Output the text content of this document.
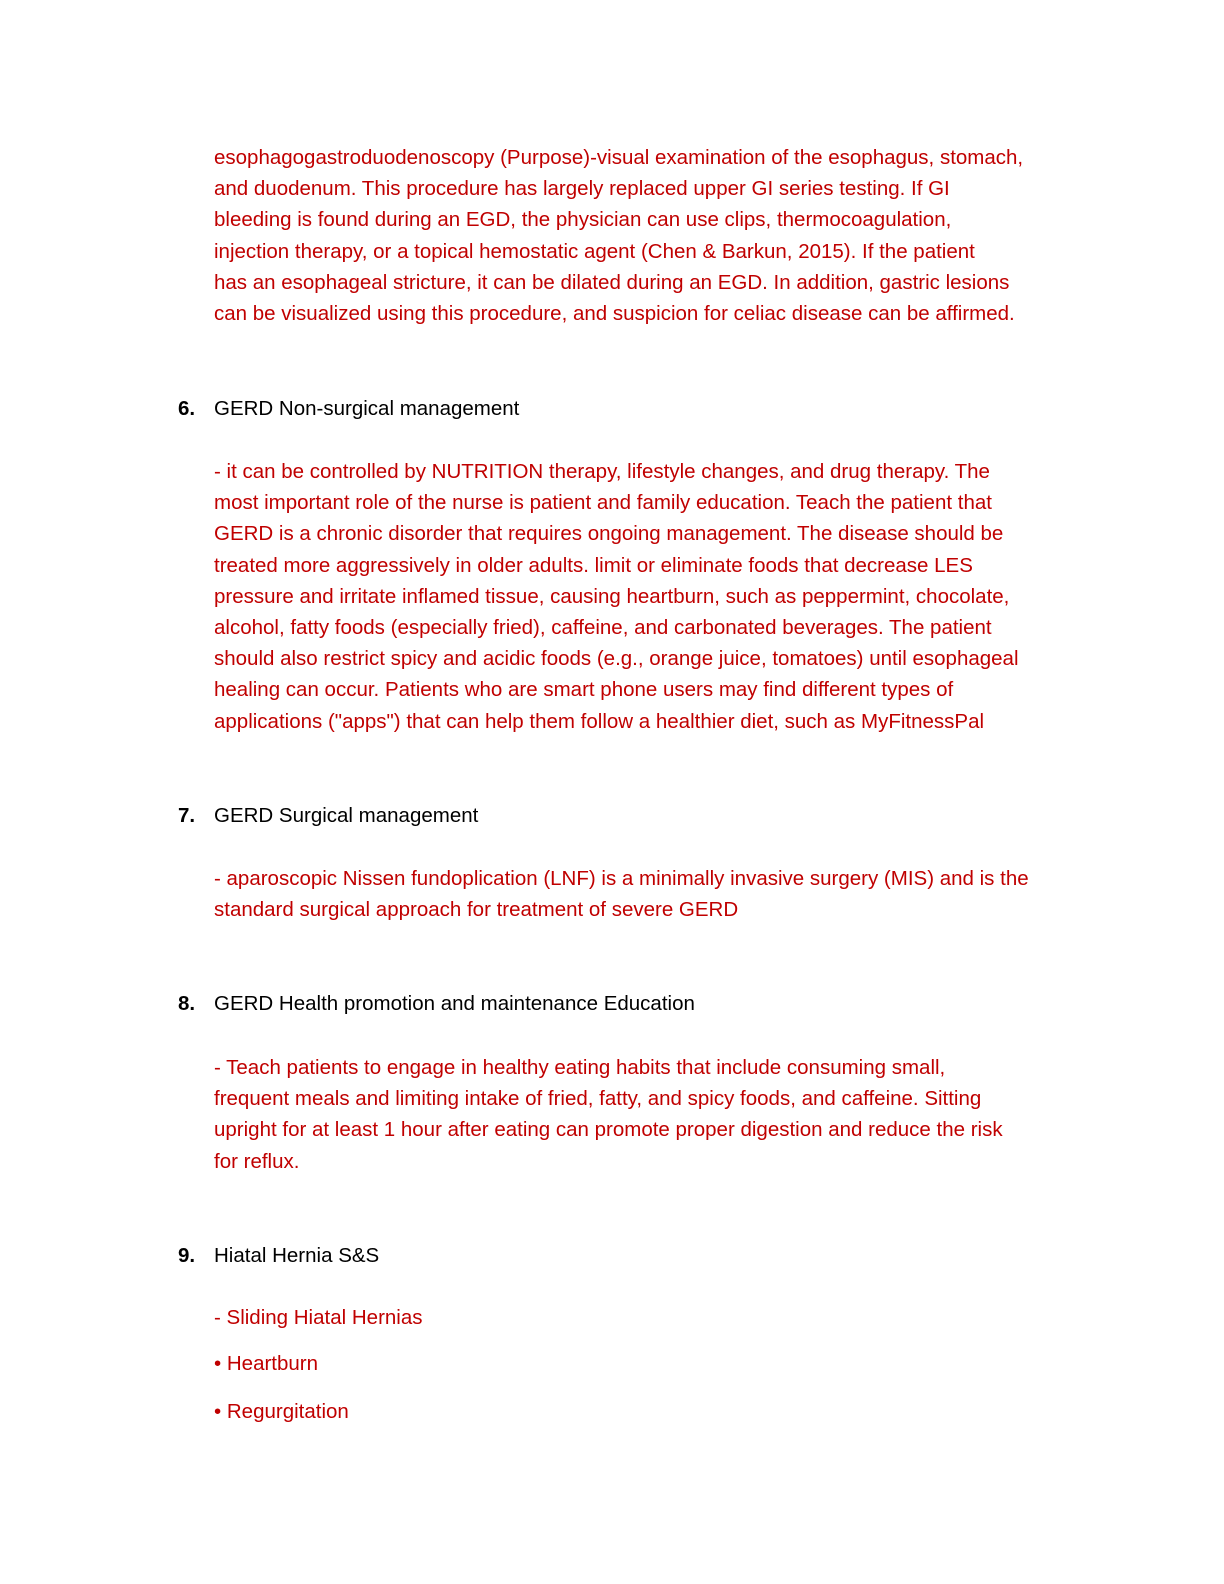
esophagogastroduodenoscopy (Purpose)-visual examination of the esophagus, stomach,
and duodenum. This procedure has largely replaced upper GI series testing. If GI
bleeding is found during an EGD, the physician can use clips, thermocoagulation,
injection therapy, or a topical hemostatic agent (Chen & Barkun, 2015). If the patient
has an esophageal stricture, it can be dilated during an EGD. In addition, gastric lesions
can be visualized using this procedure, and suspicion for celiac disease can be affirmed.
6. GERD Non-surgical management
- it can be controlled by NUTRITION therapy, lifestyle changes, and drug therapy. The
most important role of the nurse is patient and family education. Teach the patient that
GERD is a chronic disorder that requires ongoing management. The disease should be
treated more aggressively in older adults. limit or eliminate foods that decrease LES
pressure and irritate inflamed tissue, causing heartburn, such as peppermint, chocolate,
alcohol, fatty foods (especially fried), caffeine, and carbonated beverages. The patient
should also restrict spicy and acidic foods (e.g., orange juice, tomatoes) until esophageal
healing can occur. Patients who are smart phone users may find different types of
applications ("apps") that can help them follow a healthier diet, such as MyFitnessPal
7. GERD Surgical management
- aparoscopic Nissen fundoplication (LNF) is a minimally invasive surgery (MIS) and is the
standard surgical approach for treatment of severe GERD
8. GERD Health promotion and maintenance Education
- Teach patients to engage in healthy eating habits that include consuming small,
frequent meals and limiting intake of fried, fatty, and spicy foods, and caffeine. Sitting
upright for at least 1 hour after eating can promote proper digestion and reduce the risk
for reflux.
9. Hiatal Hernia S&S
- Sliding Hiatal Hernias
• Heartburn
• Regurgitation
